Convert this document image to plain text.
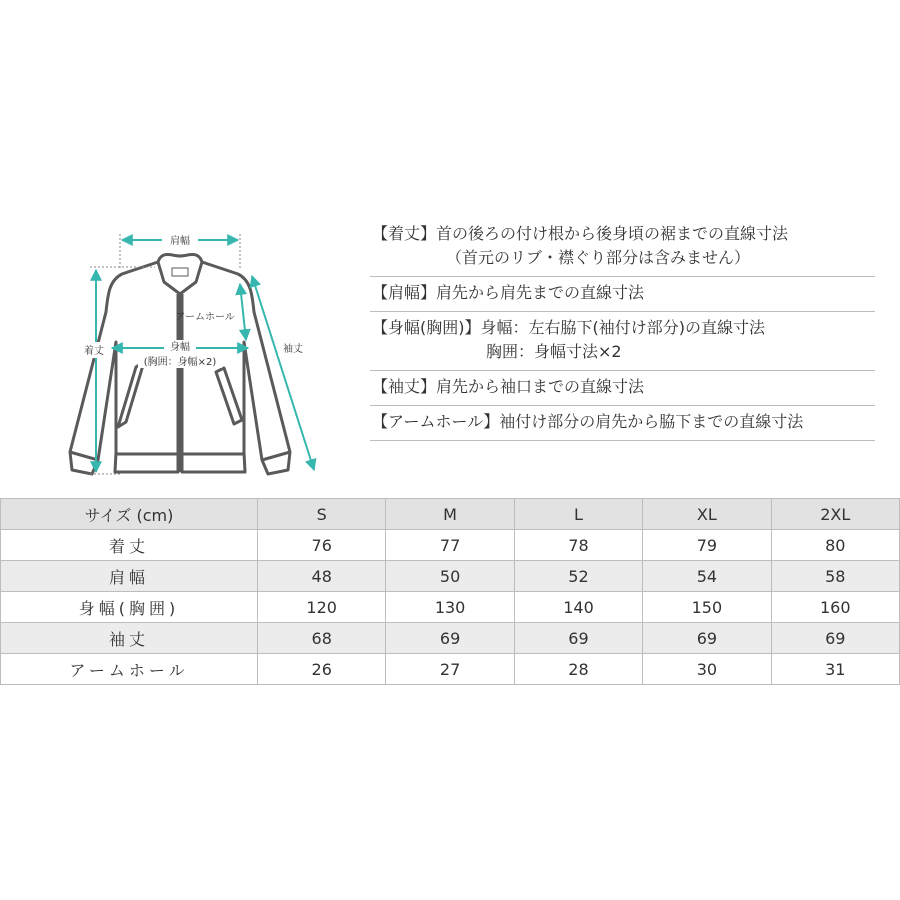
肩幅
着丈	袖丈
アームホール
身幅
(胸囲：身幅×2)
【着丈】首の後ろの付け根から後身頃の裾までの直線寸法
（首元のリブ・襟ぐり部分は含みません）
【肩幅】肩先から肩先までの直線寸法
【身幅(胸囲)】身幅：左右脇下(袖付け部分)の直線寸法
胸囲：身幅寸法×2
【袖丈】肩先から袖口までの直線寸法
【アームホール】袖付け部分の肩先から脇下までの直線寸法
サイズ (cm)	S	M	L	XL	2XL
着丈	76	77	78	79	80
肩幅	48	50	52	54	58
身幅(胸囲)	120	130	140	150	160
袖丈	68	69	69	69	69
アームホール	26	27	28	30	31
